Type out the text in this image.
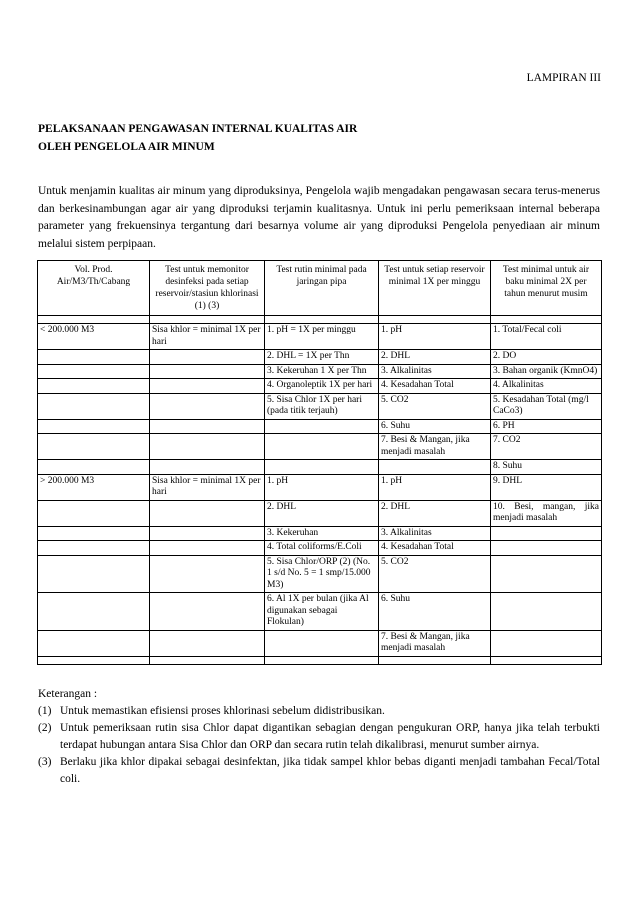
LAMPIRAN III
PELAKSANAAN PENGAWASAN INTERNAL KUALITAS AIR
OLEH PENGELOLA AIR MINUM
Untuk menjamin kualitas air minum yang diproduksinya, Pengelola wajib mengadakan pengawasan secara terus-menerus dan berkesinambungan agar air yang diproduksi terjamin kualitasnya. Untuk ini perlu pemeriksaan internal beberapa parameter yang frekuensinya tergantung dari besarnya volume air yang diproduksi Pengelola penyediaan air minum melalui sistem perpipaan.
Vol. Prod. Air/M3/Th/Cabang	Test untuk memonitor desinfeksi pada setiap reservoir/stasiun khlorinasi (1) (3)	Test rutin minimal pada jaringan pipa	Test untuk setiap reservoir minimal 1X per minggu	Test minimal untuk air baku minimal 2X per tahun menurut musim

< 200.000 M3	Sisa khlor = minimal 1X per hari	1. pH = 1X per minggu	1. pH	1. Total/Fecal coli
		2. DHL = 1X per Thn	2. DHL	2. DO
		3. Kekeruhan 1 X per Thn	3. Alkalinitas	3. Bahan organik (KmnO4)
		4. Organoleptik 1X per hari	4. Kesadahan Total	4. Alkalinitas
		5. Sisa Chlor 1X per hari (pada titik terjauh)	5. CO2	5. Kesadahan Total (mg/l CaCo3)
			6. Suhu	6. PH
			7. Besi & Mangan, jika menjadi masalah	7. CO2
				8. Suhu
> 200.000 M3	Sisa khlor = minimal 1X per hari	1. pH	1. pH	9. DHL
		2. DHL	2. DHL	10. Besi, mangan, jika menjadi masalah
		3. Kekeruhan	3. Alkalinitas	
		4. Total coliforms/E.Coli	4. Kesadahan Total	
		5. Sisa Chlor/ORP (2) (No. 1 s/d No. 5 = 1 smp/15.000 M3)	5. CO2	
		6. Al 1X per bulan (jika Al digunakan sebagai Flokulan)	6. Suhu	
			7. Besi & Mangan, jika menjadi masalah	

Keterangan :
(1) Untuk memastikan efisiensi proses khlorinasi sebelum didistribusikan.
(2) Untuk pemeriksaan rutin sisa Chlor dapat digantikan sebagian dengan pengukuran ORP, hanya jika telah terbukti terdapat hubungan antara Sisa Chlor dan ORP dan secara rutin telah dikalibrasi, menurut sumber airnya.
(3) Berlaku jika khlor dipakai sebagai desinfektan, jika tidak sampel khlor bebas diganti menjadi tambahan Fecal/Total coli.
